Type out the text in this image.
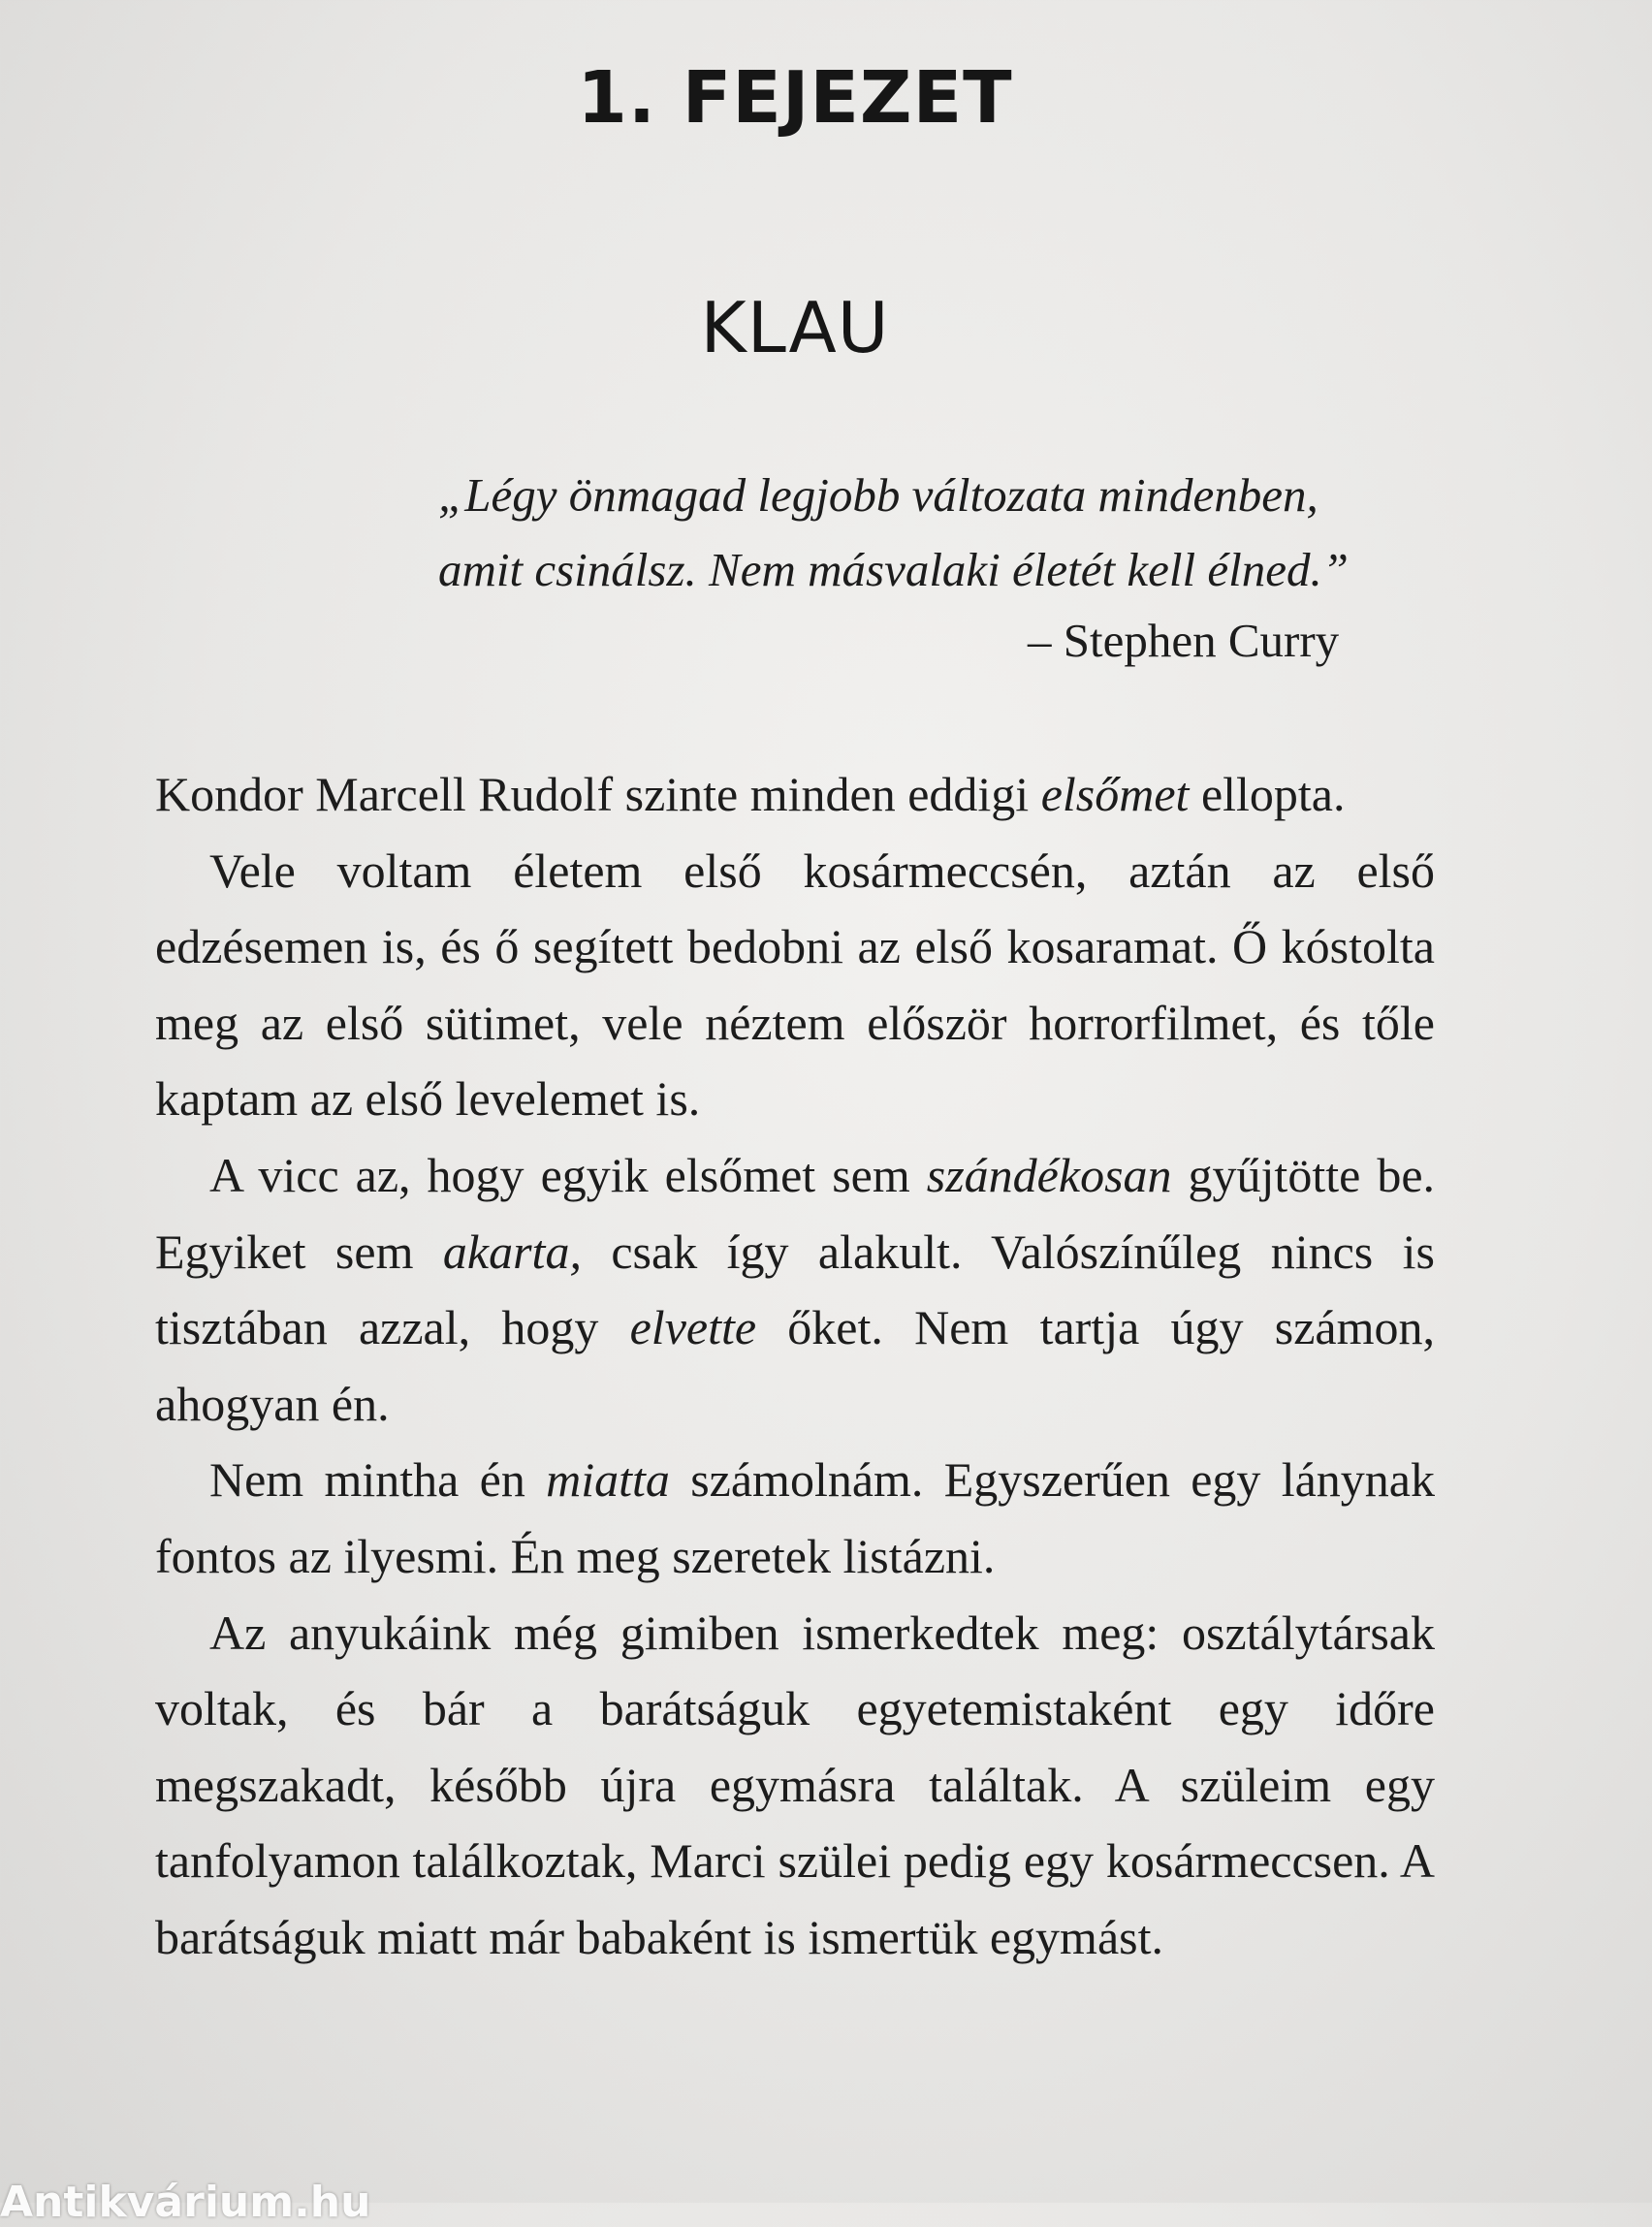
1. FEJEZET
KLAU
„Légy önmagad legjobb változata mindenben,
amit csinálsz. Nem másvalaki életét kell élned.”
– Stephen Curry

Kondor Marcell Rudolf szinte minden eddigi elsőmet ellopta.

Vele voltam életem első kosármeccsén, aztán az első edzésemen is, és ő segített bedobni az első kosaramat. Ő kóstolta meg az első sütimet, vele néztem először horrorfilmet, és tőle kaptam az első levelemet is.

A vicc az, hogy egyik elsőmet sem szándékosan gyűjtötte be. Egyiket sem akarta, csak így alakult. Valószínűleg nincs is tisztában azzal, hogy elvette őket. Nem tartja úgy számon, ahogyan én.

Nem mintha én miatta számolnám. Egyszerűen egy lánynak fontos az ilyesmi. Én meg szeretek listázni.

Az anyukáink még gimiben ismerkedtek meg: osztálytársak voltak, és bár a barátságuk egyetemistaként egy időre megszakadt, később újra egymásra találtak. A szüleim egy tanfolyamon találkoztak, Marci szülei pedig egy kosármeccsen. A barátságuk miatt már babaként is ismertük egymást.

Antikvárium.hu
